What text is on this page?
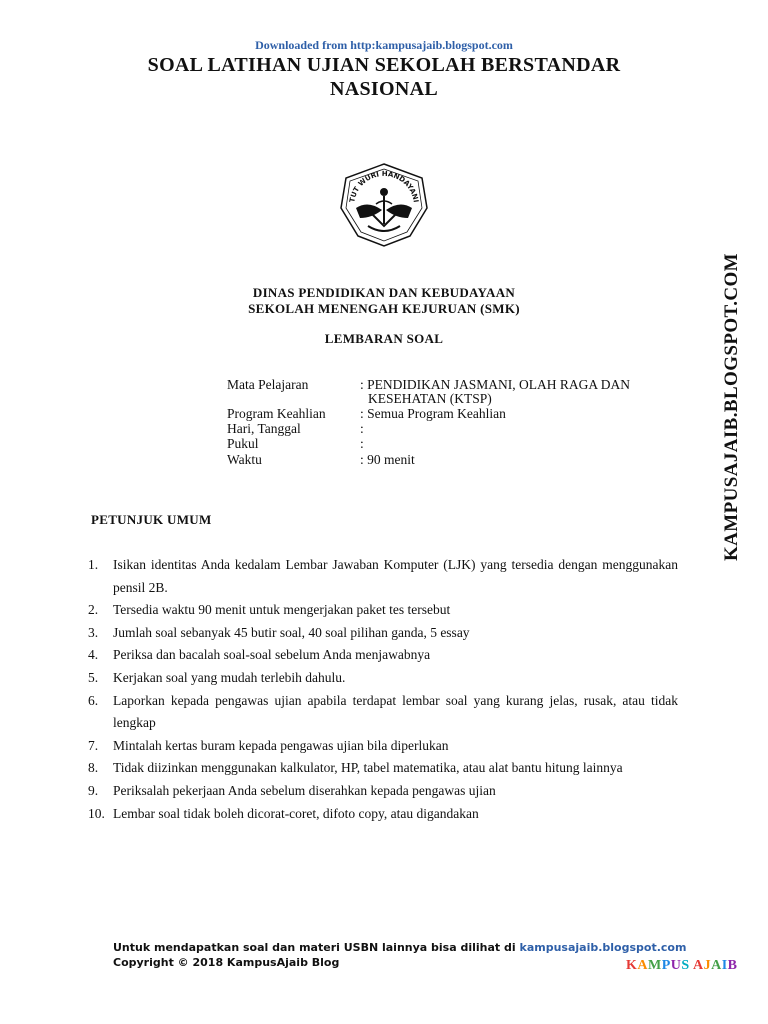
Downloaded from http:kampusajaib.blogspot.com
SOAL LATIHAN UJIAN SEKOLAH BERSTANDAR
NASIONAL
TUT WURI HANDAYANI
DINAS PENDIDIKAN DAN KEBUDAYAAN
SEKOLAH MENENGAH KEJURUAN (SMK)
LEMBARAN SOAL
Mata Pelajaran	: PENDIDIKAN JASMANI, OLAH RAGA DAN
KESEHATAN (KTSP)
Program Keahlian	: Semua Program Keahlian
Hari, Tanggal	:
Pukul	:
Waktu	: 90 menit	KAMPUSAJAIB.BLOGSPOT.COM
PETUNJUK UMUM
1.	Isikan identitas Anda kedalam Lembar Jawaban Komputer (LJK) yang tersedia dengan menggunakan pensil 2B.
2.	Tersedia waktu 90 menit untuk mengerjakan paket tes tersebut
3.	Jumlah soal sebanyak 45 butir soal, 40 soal pilihan ganda, 5 essay
4.	Periksa dan bacalah soal-soal sebelum Anda menjawabnya
5.	Kerjakan soal yang mudah terlebih dahulu.
6.	Laporkan kepada pengawas ujian apabila terdapat lembar soal yang kurang jelas, rusak, atau tidak lengkap
7.	Mintalah kertas buram kepada pengawas ujian bila diperlukan
8.	Tidak diizinkan menggunakan kalkulator, HP, tabel matematika, atau alat bantu hitung lainnya
9.	Periksalah pekerjaan Anda sebelum diserahkan kepada pengawas ujian
10. Lembar soal tidak boleh dicorat-coret, difoto copy, atau digandakan
Untuk mendapatkan soal dan materi USBN lainnya bisa dilihat di kampusajaib.blogspot.com
Copyright © 2018 KampusAjaib Blog	KAMPUS AJAIB
